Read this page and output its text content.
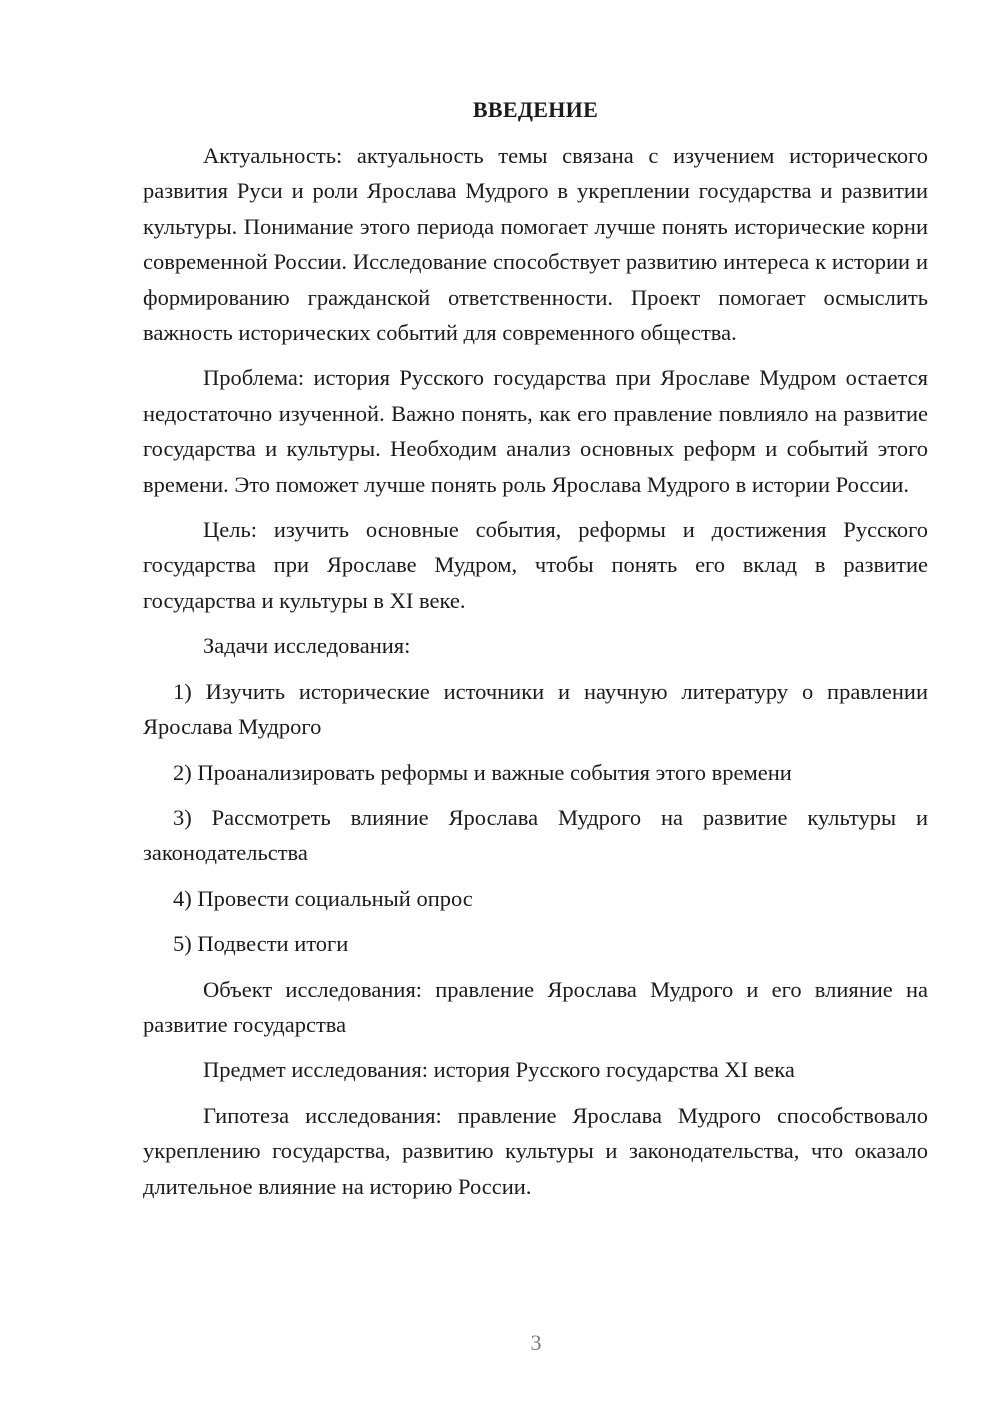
ВВЕДЕНИЕ

Актуальность: актуальность темы связана с изучением исторического развития Руси и роли Ярослава Мудрого в укреплении государства и развитии культуры. Понимание этого периода помогает лучше понять исторические корни современной России. Исследование способствует развитию интереса к истории и формированию гражданской ответственности. Проект помогает осмыслить важность исторических событий для современного общества.

Проблема: история Русского государства при Ярославе Мудром остается недостаточно изученной. Важно понять, как его правление повлияло на развитие государства и культуры. Необходим анализ основных реформ и событий этого времени. Это поможет лучше понять роль Ярослава Мудрого в истории России.

Цель: изучить основные события, реформы и достижения Русского государства при Ярославе Мудром, чтобы понять его вклад в развитие государства и культуры в XI веке.

Задачи исследования:

1) Изучить исторические источники и научную литературу о правлении Ярослава Мудрого

2) Проанализировать реформы и важные события этого времени

3) Рассмотреть влияние Ярослава Мудрого на развитие культуры и законодательства

4) Провести социальный опрос

5) Подвести итоги

Объект исследования: правление Ярослава Мудрого и его влияние на развитие государства

Предмет исследования: история Русского государства XI века

Гипотеза исследования: правление Ярослава Мудрого способствовало укреплению государства, развитию культуры и законодательства, что оказало длительное влияние на историю России.

3
